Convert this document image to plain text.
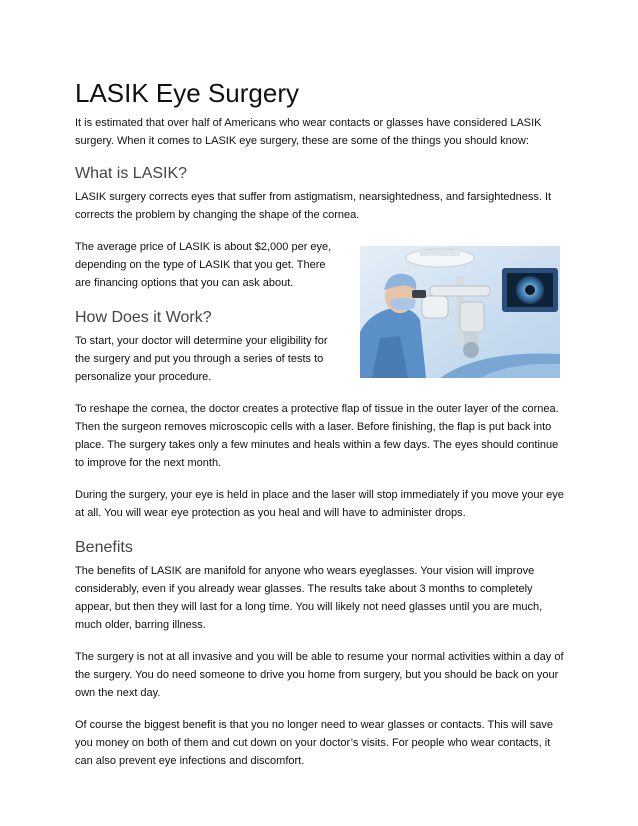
LASIK Eye Surgery

It is estimated that over half of Americans who wear contacts or glasses have considered LASIK surgery. When it comes to LASIK eye surgery, these are some of the things you should know:

What is LASIK?

LASIK surgery corrects eyes that suffer from astigmatism, nearsightedness, and farsightedness. It corrects the problem by changing the shape of the cornea.

The average price of LASIK is about $2,000 per eye, depending on the type of LASIK that you get. There are financing options that you can ask about.

How Does it Work?

To start, your doctor will determine your eligibility for the surgery and put you through a series of tests to personalize your procedure.

To reshape the cornea, the doctor creates a protective flap of tissue in the outer layer of the cornea. Then the surgeon removes microscopic cells with a laser. Before finishing, the flap is put back into place. The surgery takes only a few minutes and heals within a few days. The eyes should continue to improve for the next month.

During the surgery, your eye is held in place and the laser will stop immediately if you move your eye at all. You will wear eye protection as you heal and will have to administer drops.

Benefits

The benefits of LASIK are manifold for anyone who wears eyeglasses. Your vision will improve considerably, even if you already wear glasses. The results take about 3 months to completely appear, but then they will last for a long time. You will likely not need glasses until you are much, much older, barring illness.

The surgery is not at all invasive and you will be able to resume your normal activities within a day of the surgery. You do need someone to drive you home from surgery, but you should be back on your own the next day.

Of course the biggest benefit is that you no longer need to wear glasses or contacts. This will save you money on both of them and cut down on your doctor’s visits. For people who wear contacts, it can also prevent eye infections and discomfort.
